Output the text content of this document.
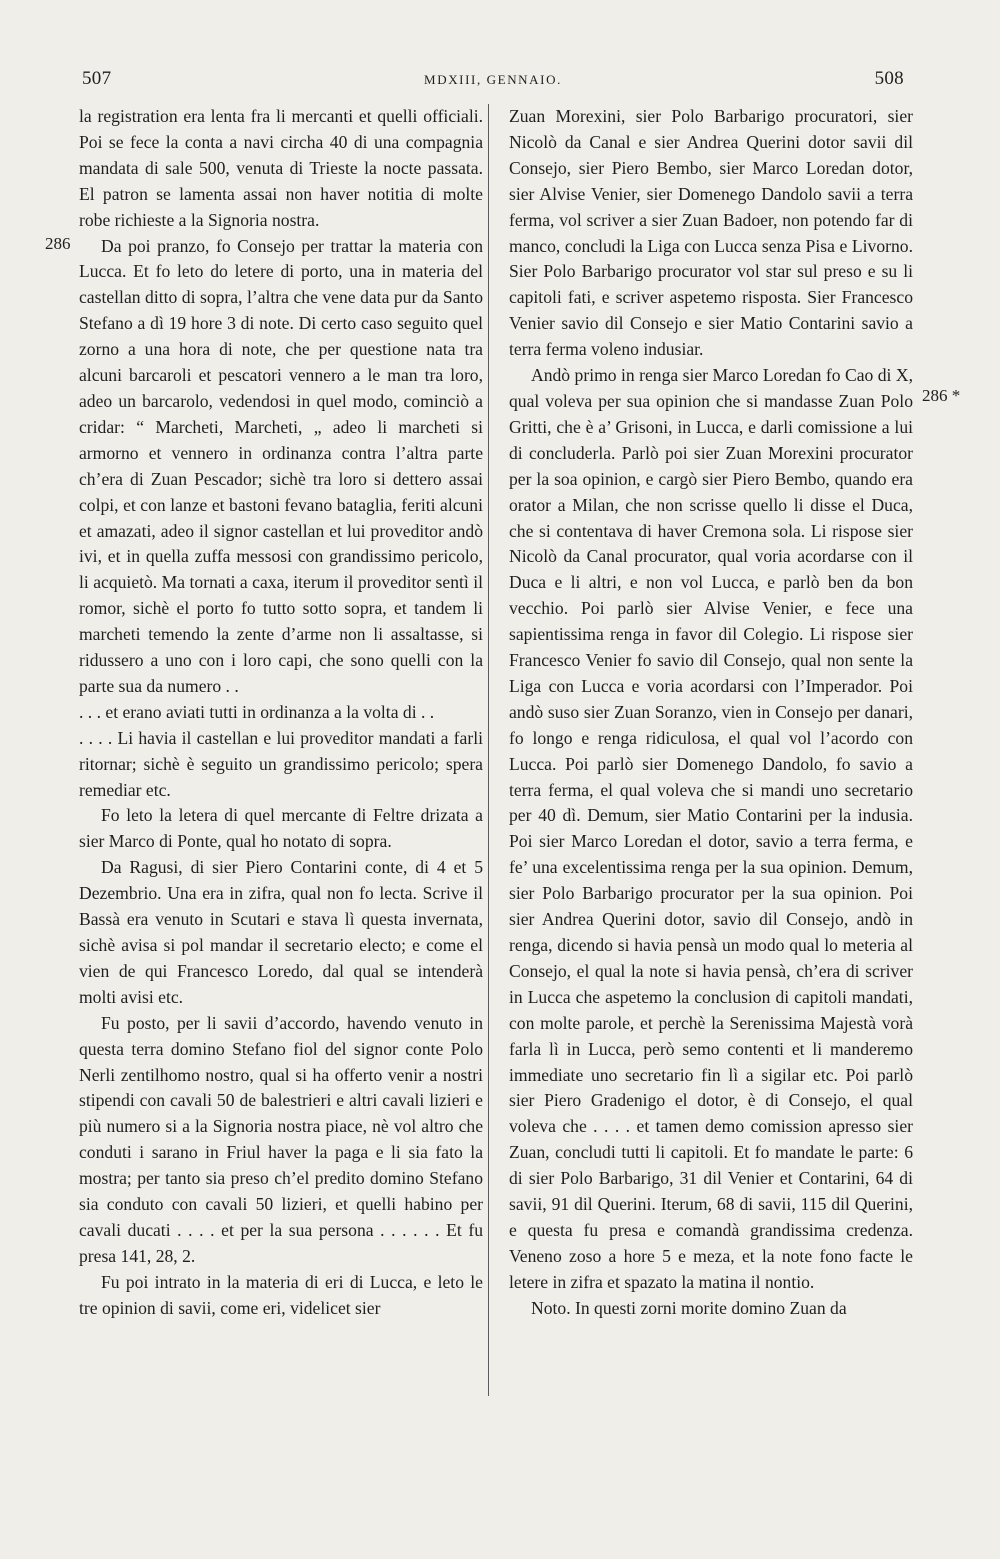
507	MDXIII, GENNAIO.	508
286
286 *

la registration era lenta fra li mercanti et quelli officiali. Poi se fece la conta a navi circha 40 di una compagnia mandata di sale 500, venuta di Trieste la nocte passata. El patron se lamenta assai non haver notitia di molte robe richieste a la Signoria nostra.

Da poi pranzo, fo Consejo per trattar la materia con Lucca. Et fo leto do letere di porto, una in materia del castellan ditto di sopra, l’altra che vene data pur da Santo Stefano a dì 19 hore 3 di note. Di certo caso seguito quel zorno a una hora di note, che per questione nata tra alcuni barcaroli et pescatori vennero a le man tra loro, adeo un barcarolo, vedendosi in quel modo, cominciò a cridar: “ Marcheti, Marcheti, „ adeo li marcheti si armorno et vennero in ordinanza contra l’altra parte ch’era di Zuan Pescador; sichè tra loro si dettero assai colpi, et con lanze et bastoni fevano bataglia, feriti alcuni et amazati, adeo il signor castellan et lui proveditor andò ivi, et in quella zuffa messosi con grandissimo pericolo, li acquietò. Ma tornati a caxa, iterum il proveditor sentì il romor, sichè el porto fo tutto sotto sopra, et tandem li marcheti temendo la zente d’arme non li assaltasse, si ridussero a uno con i loro capi, che sono quelli con la parte sua da numero . .

. . . et erano aviati tutti in ordinanza a la volta di . .

. . . . Li havia il castellan e lui proveditor mandati a farli ritornar; sichè è seguito un grandissimo pericolo; spera remediar etc.

Fo leto la letera di quel mercante di Feltre drizata a sier Marco di Ponte, qual ho notato di sopra.

Da Ragusi, di sier Piero Contarini conte, di 4 et 5 Dezembrio. Una era in zifra, qual non fo lecta. Scrive il Bassà era venuto in Scutari e stava lì questa invernata, sichè avisa si pol mandar il secretario electo; e come el vien de qui Francesco Loredo, dal qual se intenderà molti avisi etc.

Fu posto, per li savii d’accordo, havendo venuto in questa terra domino Stefano fiol del signor conte Polo Nerli zentilhomo nostro, qual si ha offerto venir a nostri stipendi con cavali 50 de balestrieri e altri cavali lizieri e più numero si a la Signoria nostra piace, nè vol altro che conduti i sarano in Friul haver la paga e li sia fato la mostra; per tanto sia preso ch’el predito domino Stefano sia conduto con cavali 50 lizieri, et quelli habino per cavali ducati . . . . et per la sua persona . . . . . . Et fu presa 141, 28, 2.

Fu poi intrato in la materia di eri di Lucca, e leto le tre opinion di savii, come eri, videlicet sier

Zuan Morexini, sier Polo Barbarigo procuratori, sier Nicolò da Canal e sier Andrea Querini dotor savii dil Consejo, sier Piero Bembo, sier Marco Loredan dotor, sier Alvise Venier, sier Domenego Dandolo savii a terra ferma, vol scriver a sier Zuan Badoer, non potendo far di manco, concludi la Liga con Lucca senza Pisa e Livorno. Sier Polo Barbarigo procurator vol star sul preso e su li capitoli fati, e scriver aspetemo risposta. Sier Francesco Venier savio dil Consejo e sier Matio Contarini savio a terra ferma voleno indusiar.

Andò primo in renga sier Marco Loredan fo Cao di X, qual voleva per sua opinion che si mandasse Zuan Polo Gritti, che è a’ Grisoni, in Lucca, e darli comissione a lui di concluderla. Parlò poi sier Zuan Morexini procurator per la soa opinion, e cargò sier Piero Bembo, quando era orator a Milan, che non scrisse quello li disse el Duca, che si contentava di haver Cremona sola. Li rispose sier Nicolò da Canal procurator, qual voria acordarse con il Duca e li altri, e non vol Lucca, e parlò ben da bon vecchio. Poi parlò sier Alvise Venier, e fece una sapientissima renga in favor dil Colegio. Li rispose sier Francesco Venier fo savio dil Consejo, qual non sente la Liga con Lucca e voria acordarsi con l’Imperador. Poi andò suso sier Zuan Soranzo, vien in Consejo per danari, fo longo e renga ridiculosa, el qual vol l’acordo con Lucca. Poi parlò sier Domenego Dandolo, fo savio a terra ferma, el qual voleva che si mandi uno secretario per 40 dì. Demum, sier Matio Contarini per la indusia. Poi sier Marco Loredan el dotor, savio a terra ferma, e fe’ una excelentissima renga per la sua opinion. Demum, sier Polo Barbarigo procurator per la sua opinion. Poi sier Andrea Querini dotor, savio dil Consejo, andò in renga, dicendo si havia pensà un modo qual lo meteria al Consejo, el qual la note si havia pensà, ch’era di scriver in Lucca che aspetemo la conclusion di capitoli mandati, con molte parole, et perchè la Serenissima Majestà vorà farla lì in Lucca, però semo contenti et li manderemo immediate uno secretario fin lì a sigilar etc. Poi parlò sier Piero Gradenigo el dotor, è di Consejo, el qual voleva che . . . . et tamen demo comission apresso sier Zuan, concludi tutti li capitoli. Et fo mandate le parte: 6 di sier Polo Barbarigo, 31 dil Venier et Contarini, 64 di savii, 91 dil Querini. Iterum, 68 di savii, 115 dil Querini, e questa fu presa e comandà grandissima credenza. Veneno zoso a hore 5 e meza, et la note fono facte le letere in zifra et spazato la matina il nontio.

Noto. In questi zorni morite domino Zuan da
